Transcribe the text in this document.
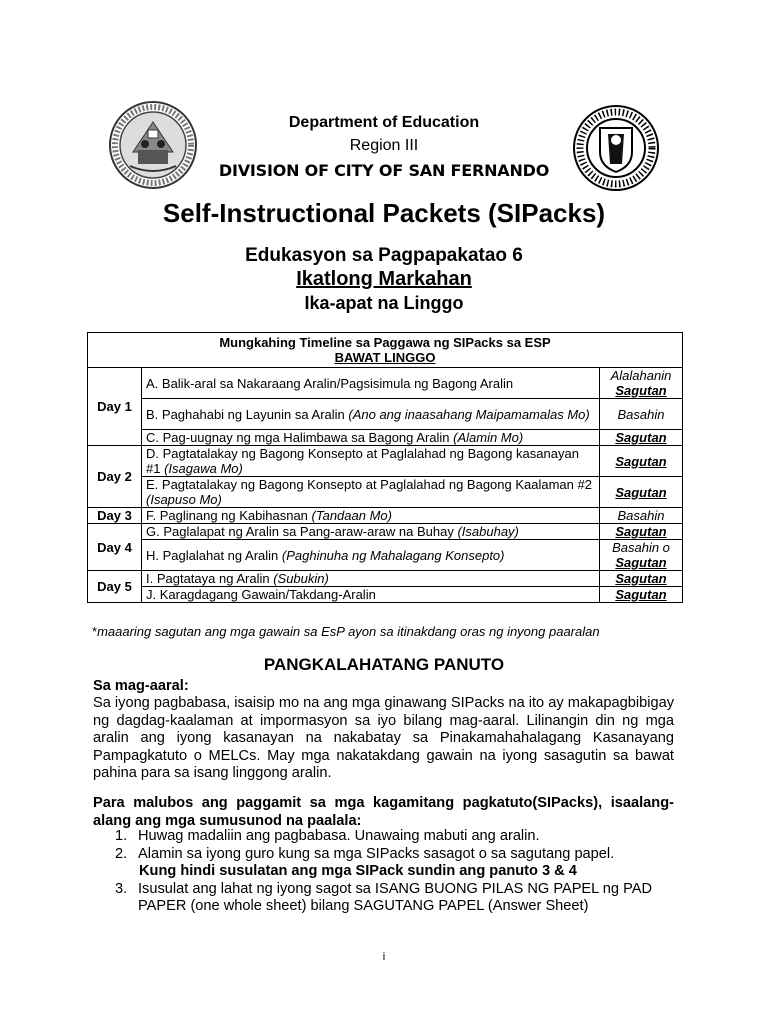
Department of Education
Region III
DIVISION OF CITY OF SAN FERNANDO
Self-Instructional Packets (SIPacks)
Edukasyon sa Pagpapakatao 6
Ikatlong Markahan
Ika-apat na Linggo
Mungkahing Timeline sa Paggawa ng SIPacks sa ESP
BAWAT LINGGO		

Day 1	A. Balik-aral sa Nakaraang Aralin/Pagsisimula ng Bagong Aralin	Alalahanin
Sagutan

	B. Paghahabi ng Layunin sa Aralin (Ano ang inaasahang Maipamamalas Mo)	Basahin

	C. Pag-uugnay ng mga Halimbawa sa Bagong Aralin (Alamin Mo)	Sagutan

Day 2	D. Pagtatalakay ng Bagong Konsepto at Paglalahad ng Bagong kasanayan #1 (Isagawa Mo)	Sagutan

	E. Pagtatalakay ng Bagong Konsepto at Paglalahad ng Bagong Kaalaman #2 (Isapuso Mo)	Sagutan

Day 3	F. Paglinang ng Kabihasnan (Tandaan Mo)	Basahin

Day 4	G. Paglalapat ng Aralin sa Pang-araw-araw na Buhay (Isabuhay)	Sagutan

	H. Paglalahat ng Aralin (Paghinuha ng Mahalagang Konsepto)	Basahin o
Sagutan

Day 5	I. Pagtataya ng Aralin (Subukin)	Sagutan

	J. Karagdagang Gawain/Takdang-Aralin	Sagutan
*maaaring sagutan ang mga gawain sa EsP ayon sa itinakdang oras ng inyong paaralan
PANGKALAHATANG PANUTO
Sa mag-aaral:
Sa iyong pagbabasa, isaisip mo na ang mga ginawang SIPacks na ito ay makapagbibigay ng dagdag-kaalaman at impormasyon sa iyo bilang mag-aaral. Lilinangin din ng mga aralin ang iyong kasanayan na nakabatay sa Pinakamahahalagang Kasanayang Pampagkatuto o MELCs. May mga nakatakdang gawain na iyong sasagutin sa bawat pahina para sa isang linggong aralin.
Para malubos ang paggamit sa mga kagamitang pagkatuto(SIPacks), isaalang-alang ang mga sumusunod na paalala:
1. Huwag madaliin ang pagbabasa. Unawaing mabuti ang aralin.
2. Alamin sa iyong guro kung sa mga SIPacks sasagot o sa sagutang papel.
Kung hindi susulatan ang mga SIPack sundin ang panuto 3 & 4
3. Isusulat ang lahat ng iyong sagot sa ISANG BUONG PILAS NG PAPEL ng PAD PAPER (one whole sheet) bilang SAGUTANG PAPEL (Answer Sheet)
i
